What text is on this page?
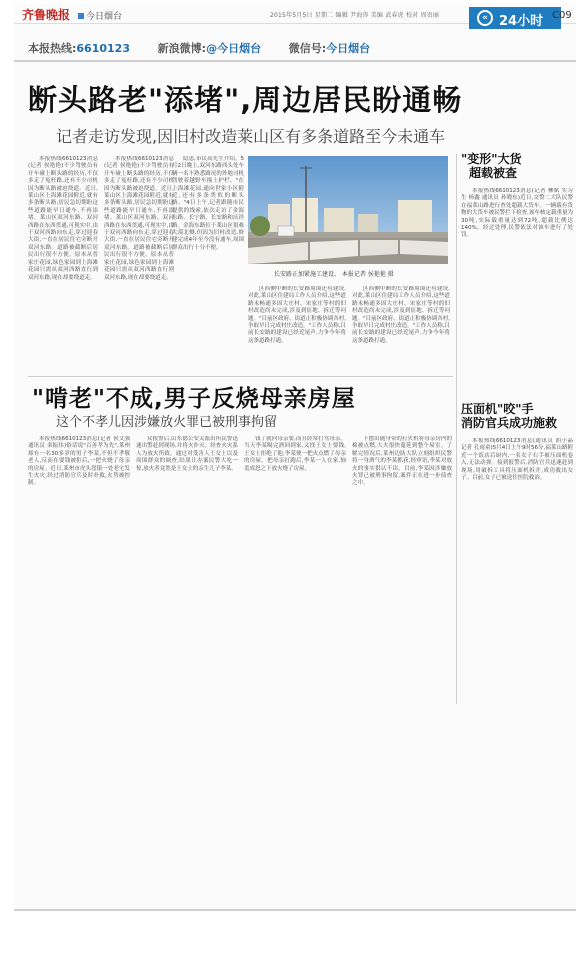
齐鲁晚报	今日烟台	2015年5月5日 星期二 编辑 尹海涛 美编 武春虎 校对 周贵丽	« 24小时 C09
本报热线:6610123	新浪微博:@今日烟台	微信号:今日烟台
断头路老"添堵",周边居民盼通畅
记者走访发现,因旧村改造莱山区有多条道路至今未通车

本报热线6610123消息(记者 侯艳艳)不少驾驶员有开车碰上断头路的经历,不仅多走了冤枉路,还有不少司机因为断头路被迫绕道。近日,莱山区上海滩花园附近,就有多条断头路,居民急切期盼这些道路能早日通车,不再添堵。莱山区双河东路、双河西路在东西贯通,可现实中,由于双河西路向东走,穿过迎春大街,一直在居民住宅旁断开双河东路。道路被截断后居民出行很不方便。原本从普家庄花园,绿色家园到上海滩花园只需从双河西路直行到双河东路,现在却要绕道走。

本报热线6610123消息(记者 侯艳艳)不少驾驶员有开车碰上断头路的经历,不仅多走了冤枉路,还有不少司机因为断头路被迫绕道。近日,莱山区上海滩花园附近,就有多条断头路,居民急切期盼这些道路能早日通车,不再添堵。莱山区双河东路、双河西路在东西贯通,可现实中,由于双河西路向东走,穿过迎春大街,一直在居民住宅旁断开双河东路。道路被截断后居民出行很不方便。原本从普家庄花园,绿色家园到上海滩花园只需从双河西路直行到双河东路,现在却要绕道走。

隐患,市民高先生介绍。5月2日晚上,双河东路西头处车辆一名不熟悉路况的外地司机驾驶着越野车撞上护栏。"在上海滩花园,通向世家小区附近,还有多条类似的断头路。"4日上午,记者跟随市民提供的线索,依次走访了金海东路、长宁路、长安路和庆祥路。金海东路位于莱山区很难大漠北侧,但因为旧村改造,修建完成4年至今没有通车,周围群众出行十分不便。

长安路正加紧施工建设。 本报记者 侯艳艳 摄

区西侧中断的长安路周围还有建设,对此,莱山区住建局工作人员介绍,这些道路未畅通多因大庄村、宋家庄等村的旧村改造尚未完成,涉及到征地、拆迁等问题。"目前区政府、街道正积极协调各村,争取早日完成村庄改造。"工作人员称,目前长安路的建设已经近尾声,力争今年将这条道路打通。

区西侧中断的长安路周围还有建设,对此,莱山区住建局工作人员介绍,这些道路未畅通多因大庄村、宋家庄等村的旧村改造尚未完成,涉及到征地、拆迁等问题。"目前区政府、街道正积极协调各村,争取早日完成村庄改造。"工作人员称,目前长安路的建设已经近尾声,力争今年将这条道路打通。

"变形"大货
超载被查

本报热线6610123消息(记者 柳斌 实习生 杨鑫 通讯员 孙晓东)近日,交警二大队民警在福莱山路进行查处超载大货车。一辆载有货物的大货车被民警拦下检查,该车核定载重量为30吨,实际载重量达到72吨,超载比例达140%。经过处理,民警依法对该车进行了处罚。

压面机"咬"手
消防官兵成功施救

本报热线6610123消息(通讯员 胡小晶 记者 孔雨童)5月4日上午9时56分,福莱山路附近一个饭店后厨内,一名女子右手被压面机卷入,无法动弹。接到报警后,消防官兵迅速赶到现场,用破拆工具将压面机拆开,成功救出女子。目前,女子已被送往医院救治。

"啃老"不成,男子反烧母亲房屋
这个不孝儿因涉嫌放火罪已被刑事拘留

本报热线6610123消息(记者 侯文强 通讯员 栾振伟)俗话说"百善孝为先",莱州却有一名30多岁的男子李某,不但不孝敬老人,反而在要钱被拒后,一把火烧了母亲的房屋。近日,莱州市虎头崖镇一处老宅发生火灾,经过消防官兵及时扑救,火势被控制。

众报警后,山东德公安关派出所民警迅速出警赶到现场,并将火扑灭。经查火灾系人为放火所致。通过对受害人王女士以及周围群众的调查,结果让办案民警大吃一惊,放火者竟然是王女士的亲生儿子李某。

钱了就向母亲要,而且经常打骂母亲。当天李某喝完酒回到家,又找王女士要钱,王女士拒绝了他,李某便一把火点燃了母亲的房屋。把母亲打跑后,李某一人在家,恼羞成怒之下放火烧了房屋。

下摆出随身带的打火机将母亲房内的棉被点燃,大火很快蔓延到整个屋室。了解完情况后,莱州边防大队立刻组织民警将一身酒气的李某抓获,经审讯,李某对放火的事实供认不讳。目前,李某因涉嫌放火罪已被刑事拘留,案件正在进一步侦查之中。
